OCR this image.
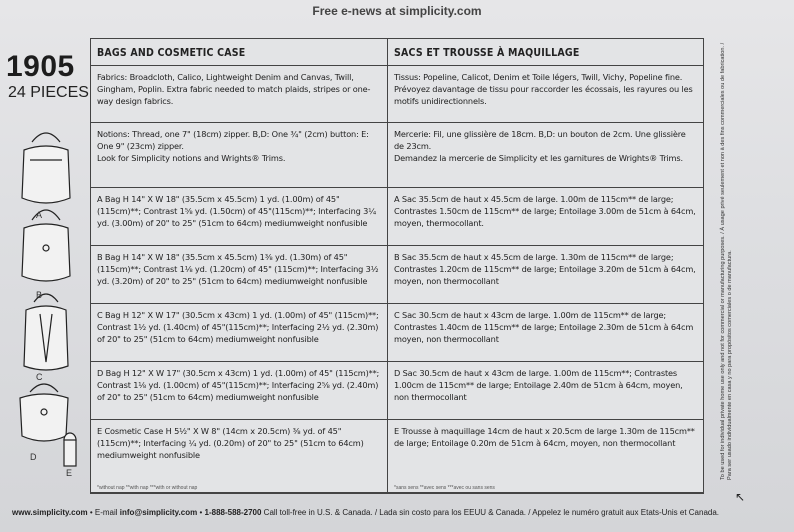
Free e-news at simplicity.com
1905
24 PIECES
A
B
C
D
E
BAGS AND COSMETIC CASE
Fabrics: Broadcloth, Calico, Lightweight Denim and Canvas, Twill, Gingham, Poplin. Extra fabric needed to match plaids, stripes or one-way design fabrics.
Notions: Thread, one 7" (18cm) zipper. B,D: One ¾" (2cm) button: E: One 9" (23cm) zipper.
Look for Simplicity notions and Wrights® Trims.
A Bag H 14" X W 18" (35.5cm x 45.5cm) 1 yd. (1.00m) of 45" (115cm)**; Contrast 1⅝ yd. (1.50cm) of 45"(115cm)**; Interfacing 3¼ yd. (3.00m) of 20" to 25" (51cm to 64cm) mediumweight nonfusible
B Bag H 14" X W 18" (35.5cm x 45.5cm) 1⅜ yd. (1.30m) of 45" (115cm)**; Contrast 1⅛ yd. (1.20cm) of 45" (115cm)**; Interfacing 3½ yd. (3.20m) of 20" to 25" (51cm to 64cm) mediumweight nonfusible
C Bag H 12" X W 17" (30.5cm x 43cm) 1 yd. (1.00m) of 45" (115cm)**; Contrast 1½ yd. (1.40cm) of 45"(115cm)**; Interfacing 2½ yd. (2.30m) of 20" to 25" (51cm to 64cm) mediumweight nonfusible
D Bag H 12" X W 17" (30.5cm x 43cm) 1 yd. (1.00m) of 45" (115cm)**; Contrast 1⅛ yd. (1.00cm) of 45"(115cm)**; Interfacing 2⅝ yd. (2.40m) of 20" to 25" (51cm to 64cm) mediumweight nonfusible
E Cosmetic Case H 5½" X W 8" (14cm x 20.5cm) ⅜ yd. of 45" (115cm)**; Interfacing ¼ yd. (0.20m) of 20" to 25" (51cm to 64cm) mediumweight nonfusible
*without nap **with nap ***with or without nap
SACS ET TROUSSE À MAQUILLAGE
Tissus: Popeline, Calicot, Denim et Toile légers, Twill, Vichy, Popeline fine. Prévoyez davantage de tissu pour raccorder les écossais, les rayures ou les motifs unidirectionnels.
Mercerie: Fil, une glissière de 18cm. B,D: un bouton de 2cm. Une glissière de 23cm.
Demandez la mercerie de Simplicity et les garnitures de Wrights® Trims.
A Sac 35.5cm de haut x 45.5cm de large. 1.00m de 115cm** de large; Contrastes 1.50cm de 115cm** de large; Entoilage 3.00m de 51cm à 64cm, moyen, thermocollant.
B Sac 35.5cm de haut x 45.5cm de large. 1.30m de 115cm** de large; Contrastes 1.20cm de 115cm** de large; Entoilage 3.20m de 51cm à 64cm, moyen, non thermocollant
C Sac 30.5cm de haut x 43cm de large. 1.00m de 115cm** de large; Contrastes 1.40cm de 115cm** de large; Entoilage 2.30m de 51cm à 64cm moyen, non thermocollant
D Sac 30.5cm de haut x 43cm de large. 1.00m de 115cm**; Contrastes 1.00cm de 115cm** de large; Entoilage 2.40m de 51cm à 64cm, moyen, non thermocollant
E Trousse à maquillage 14cm de haut x 20.5cm de large 1.30m de 115cm** de large; Entoilage 0.20m de 51cm à 64cm, moyen, non thermocollant
*sans sens **avec sens ***avec ou sans sens
To be used for individual private home use only and not for commercial or manufacturing purposes. / À usage privé seulement et non à des fins commerciales ou de fabrication. / Para ser usado individualmente en casa y no para propósitos comerciales o de manufactura.
www.simplicity.com • E-mail info@simplicity.com • 1-888-588-2700 Call toll-free in U.S. & Canada. / Lada sin costo para los EEUU & Canada. / Appelez le numéro gratuit aux Etats-Unis et Canada.
↖
